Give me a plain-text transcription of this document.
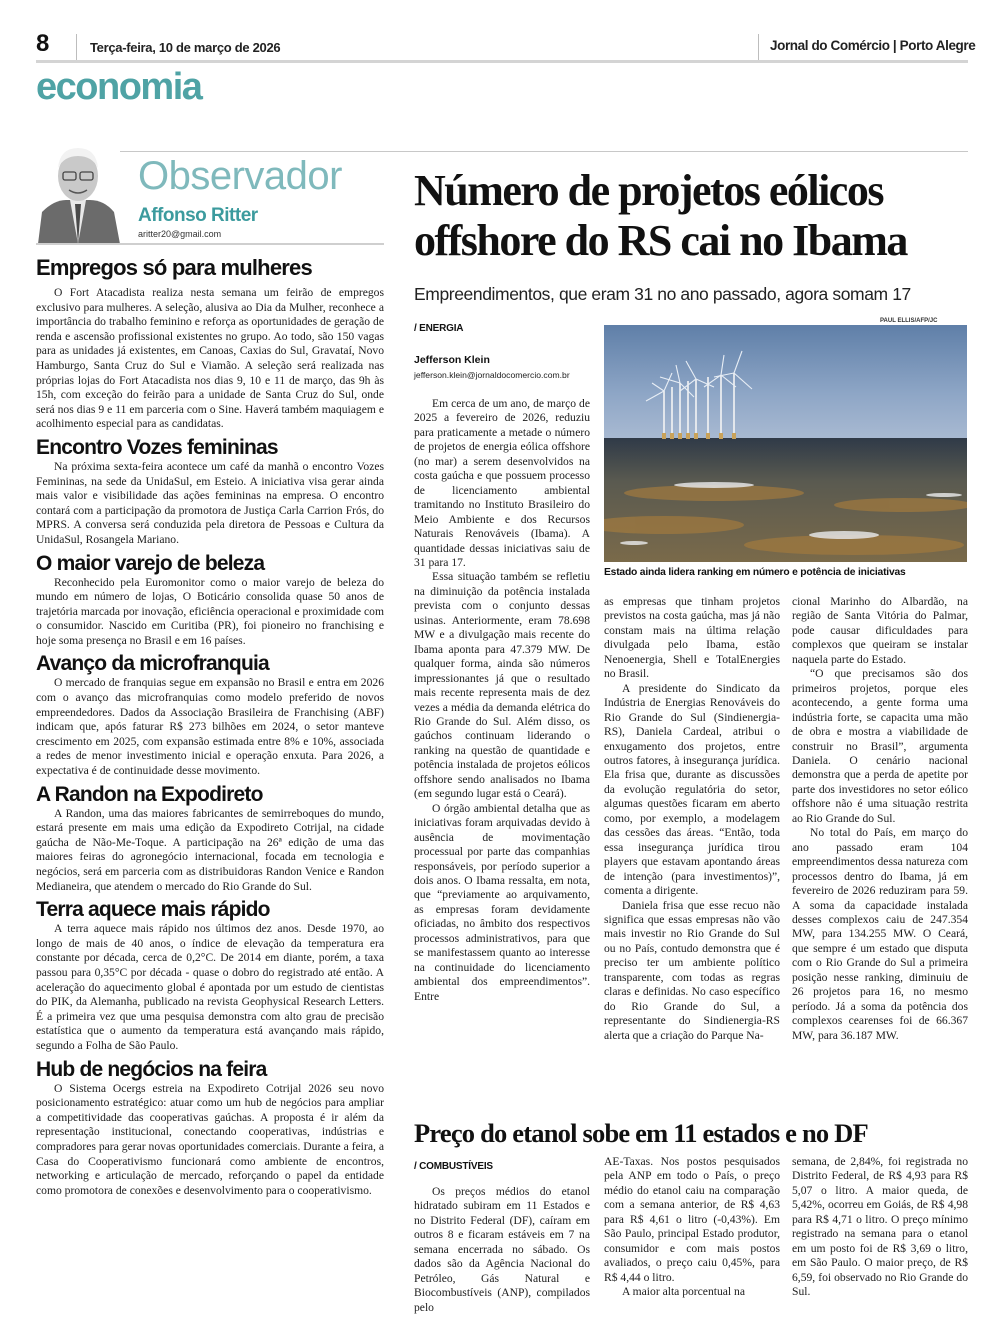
8	Terça-feira, 10 de março de 2026	Jornal do Comércio | Porto Alegre
economia
Observador
Affonso Ritter
aritter20@gmail.com
Empregos só para mulheres

O Fort Atacadista realiza nesta semana um feirão de empregos exclusivo para mulheres. A seleção, alusiva ao Dia da Mulher, reconhece a importância do trabalho feminino e reforça as oportunidades de geração de renda e ascensão profissional existentes no grupo. Ao todo, são 150 vagas para as unidades já existentes, em Canoas, Caxias do Sul, Gravataí, Novo Hamburgo, Santa Cruz do Sul e Viamão. A seleção será realizada nas próprias lojas do Fort Atacadista nos dias 9, 10 e 11 de março, das 9h às 15h, com exceção do feirão para a unidade de Santa Cruz do Sul, onde será nos dias 9 e 11 em parceria com o Sine. Haverá também maquiagem e acolhimento especial para as candidatas.

Encontro Vozes femininas

Na próxima sexta-feira acontece um café da manhã o encontro Vozes Femininas, na sede da UnidaSul, em Esteio. A iniciativa visa gerar ainda mais valor e visibilidade das ações femininas na empresa. O encontro contará com a participação da promotora de Justiça Carla Carrion Frós, do MPRS. A conversa será conduzida pela diretora de Pessoas e Cultura da UnidaSul, Rosangela Mariano.

O maior varejo de beleza

Reconhecido pela Euromonitor como o maior varejo de beleza do mundo em número de lojas, O Boticário consolida quase 50 anos de trajetória marcada por inovação, eficiência operacional e proximidade com o consumidor. Nascido em Curitiba (PR), foi pioneiro no franchising e hoje soma presença no Brasil e em 16 países.

Avanço da microfranquia

O mercado de franquias segue em expansão no Brasil e entra em 2026 com o avanço das microfranquias como modelo preferido de novos empreendedores. Dados da Associação Brasileira de Franchising (ABF) indicam que, após faturar R$ 273 bilhões em 2024, o setor manteve crescimento em 2025, com expansão estimada entre 8% e 10%, associada a redes de menor investimento inicial e operação enxuta. Para 2026, a expectativa é de continuidade desse movimento.

A Randon na Expodireto

A Randon, uma das maiores fabricantes de semirreboques do mundo, estará presente em mais uma edição da Expodireto Cotrijal, na cidade gaúcha de Não-Me-Toque. A participação na 26ª edição de uma das maiores feiras do agronegócio internacional, focada em tecnologia e negócios, será em parceria com as distribuidoras Randon Venice e Randon Medianeira, que atendem o mercado do Rio Grande do Sul.

Terra aquece mais rápido

A terra aquece mais rápido nos últimos dez anos. Desde 1970, ao longo de mais de 40 anos, o índice de elevação da temperatura era constante por década, cerca de 0,2°C. De 2014 em diante, porém, a taxa passou para 0,35°C por década - quase o dobro do registrado até então. A aceleração do aquecimento global é apontada por um estudo de cientistas do PIK, da Alemanha, publicado na revista Geophysical Research Letters. É a primeira vez que uma pesquisa demonstra com alto grau de precisão estatística que o aumento da temperatura está avançando mais rápido, segundo a Folha de São Paulo.

Hub de negócios na feira

O Sistema Ocergs estreia na Expodireto Cotrijal 2026 seu novo posicionamento estratégico: atuar como um hub de negócios para ampliar a competitividade das cooperativas gaúchas. A proposta é ir além da representação institucional, conectando cooperativas, indústrias e compradores para gerar novas oportunidades comerciais. Durante a feira, a Casa do Cooperativismo funcionará como ambiente de encontros, networking e articulação de mercado, reforçando o papel da entidade como promotora de conexões e desenvolvimento para o cooperativismo.

Número de projetos eólicos offshore do RS cai no Ibama
Empreendimentos, que eram 31 no ano passado, agora somam 17
/ ENERGIA
Jefferson Klein
jefferson.klein@jornaldocomercio.com.br
PAUL ELLIS/AFP/JC
Estado ainda lidera ranking em número e potência de iniciativas

Em cerca de um ano, de março de 2025 a fevereiro de 2026, reduziu para praticamente a metade o número de projetos de energia eólica offshore (no mar) a serem desenvolvidos na costa gaúcha e que possuem processo de licenciamento ambiental tramitando no Instituto Brasileiro do Meio Ambiente e dos Recursos Naturais Renováveis (Ibama). A quantidade dessas iniciativas saiu de 31 para 17.

Essa situação também se refletiu na diminuição da potência instalada prevista com o conjunto dessas usinas. Anteriormente, eram 78.698 MW e a divulgação mais recente do Ibama aponta para 47.379 MW. De qualquer forma, ainda são números impressionantes já que o resultado mais recente representa mais de dez vezes a média da demanda elétrica do Rio Grande do Sul. Além disso, os gaúchos continuam liderando o ranking na questão de quantidade e potência instalada de projetos eólicos offshore sendo analisados no Ibama (em segundo lugar está o Ceará).

O órgão ambiental detalha que as iniciativas foram arquivadas devido à ausência de movimentação processual por parte das companhias responsáveis, por período superior a dois anos. O Ibama ressalta, em nota, que “previamente ao arquivamento, as empresas foram devidamente oficiadas, no âmbito dos respectivos processos administrativos, para que se manifestassem quanto ao interesse na continuidade do licenciamento ambiental dos empreendimentos”. Entre

as empresas que tinham projetos previstos na costa gaúcha, mas já não constam mais na última relação divulgada pelo Ibama, estão Nenoenergia, Shell e TotalEnergies no Brasil.

A presidente do Sindicato da Indústria de Energias Renováveis do Rio Grande do Sul (Sindienergia-RS), Daniela Cardeal, atribui o enxugamento dos projetos, entre outros fatores, à insegurança jurídica. Ela frisa que, durante as discussões da evolução regulatória do setor, algumas questões ficaram em aberto como, por exemplo, a modelagem das cessões das áreas. “Então, toda essa insegurança jurídica tirou players que estavam apontando áreas de intenção (para investimentos)”, comenta a dirigente.

Daniela frisa que esse recuo não significa que essas empresas não vão mais investir no Rio Grande do Sul ou no País, contudo demonstra que é preciso ter um ambiente político transparente, com todas as regras claras e definidas. No caso específico do Rio Grande do Sul, a representante do Sindienergia-RS alerta que a criação do Parque Na-

cional Marinho do Albardão, na região de Santa Vitória do Palmar, pode causar dificuldades para complexos que queiram se instalar naquela parte do Estado.

“O que precisamos são dos primeiros projetos, porque eles acontecendo, a gente forma uma indústria forte, se capacita uma mão de obra e mostra a viabilidade de construir no Brasil”, argumenta Daniela. O cenário nacional demonstra que a perda de apetite por parte dos investidores no setor eólico offshore não é uma situação restrita ao Rio Grande do Sul.

No total do País, em março do ano passado eram 104 empreendimentos dessa natureza com processos dentro do Ibama, já em fevereiro de 2026 reduziram para 59. A soma da capacidade instalada desses complexos caiu de 247.354 MW, para 134.255 MW. O Ceará, que sempre é um estado que disputa com o Rio Grande do Sul a primeira posição nesse ranking, diminuiu de 26 projetos para 16, no mesmo período. Já a soma da potência dos complexos cearenses foi de 66.367 MW, para 36.187 MW.

Preço do etanol sobe em 11 estados e no DF
/ COMBUSTÍVEIS

Os preços médios do etanol hidratado subiram em 11 Estados e no Distrito Federal (DF), caíram em outros 8 e ficaram estáveis em 7 na semana encerrada no sábado. Os dados são da Agência Nacional do Petróleo, Gás Natural e Biocombustíveis (ANP), compilados pelo

AE-Taxas. Nos postos pesquisados pela ANP em todo o País, o preço médio do etanol caiu na comparação com a semana anterior, de R$ 4,63 para R$ 4,61 o litro (-0,43%). Em São Paulo, principal Estado produtor, consumidor e com mais postos avaliados, o preço caiu 0,45%, para R$ 4,44 o litro.

A maior alta porcentual na

semana, de 2,84%, foi registrada no Distrito Federal, de R$ 4,93 para R$ 5,07 o litro. A maior queda, de 5,42%, ocorreu em Goiás, de R$ 4,98 para R$ 4,71 o litro. O preço mínimo registrado na semana para o etanol em um posto foi de R$ 3,69 o litro, em São Paulo. O maior preço, de R$ 6,59, foi observado no Rio Grande do Sul.
